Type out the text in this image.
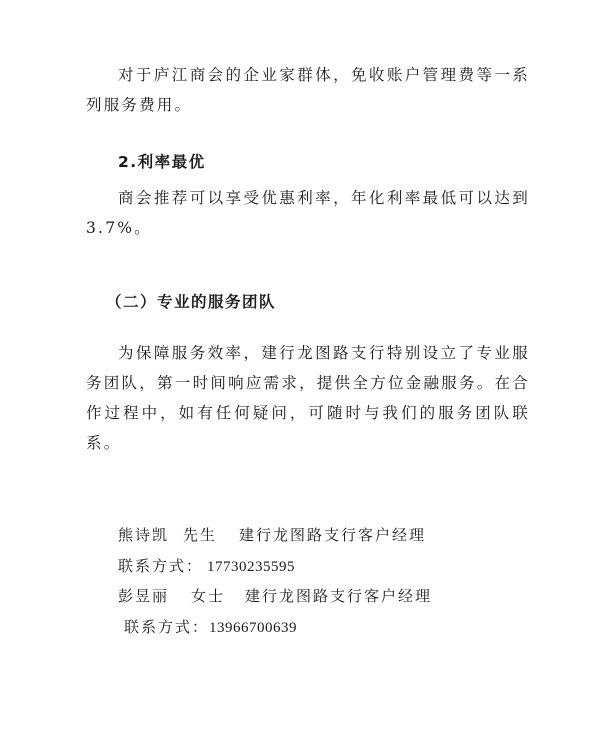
对于庐江商会的企业家群体，免收账户管理费等一系列服务费用。

2.利率最优

商会推荐可以享受优惠利率，年化利率最低可以达到3.7%。

（二）专业的服务团队

为保障服务效率，建行龙图路支行特别设立了专业服务团队，第一时间响应需求，提供全方位金融服务。在合作过程中，如有任何疑问，可随时与我们的服务团队联系。

熊诗凯 先生 建行龙图路支行客户经理
联系方式： 17730235595
彭昱丽 女士 建行龙图路支行客户经理
联系方式：13966700639
